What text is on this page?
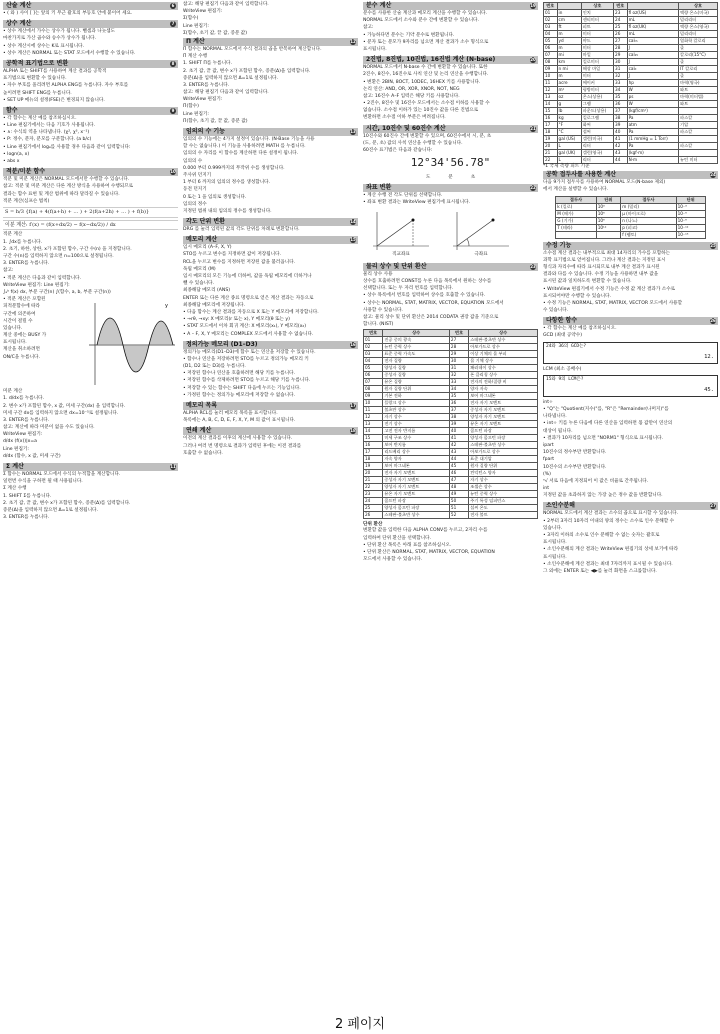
산술 계산	6
• ( 와 ) 사이 [ ]는 앞의 키 무근 괄호의 부등호 안에 붙이어 세요.
상수 계산	7
• 상수 계산에서 가수는 상수가 됩니다. 뺄셈과 나눗셈도
마찬가지로 가산 곱수와 승수가 상수가 됩니다.
• 상수 계산시에 상수는 K로 표시됩니다.
• 상수 계산은 NORMAL 또는 STAT 모드에서 수행할 수 있습니다.
공학적 표기법으로 변환	8
ALPHA 또는 SHIFT를 사용하여 계산 결과를 공학적
표기법으로 변환할 수 있습니다.
• 자수 부호를 올리려면 ALPHA ENG를 누릅니다. 자수 부호를
높이려면 SHIFT ENG를 누릅니다.
• SET UP 메뉴의 설정(FSE)은 변경되지 않습니다.
함수	9
• 각 함수는 계산 예를 참조하십시오.
• Line 편집기에서는 다음 기호가 사용됩니다.
• ∧: 수식의 역을 나타냅니다. (χ², χ³, x⁻¹)
• P: 정수, 분자, 분모를 구분합니다. (a b/c)
• Line 편집기에서 logₐ를 사용할 경우 다음과 같이 입력합니다:
• logn(a, x)
• abs x
적분/미분 함수	10
적분 및 미분 계산은 NORMAL 모드에서만 수행할 수 있습니다.
참고: 적분 및 미분 계산은 다른 계산 방식을 사용하여 수행되므로
결과는 함수 표현 및 계산 범위에 따라 달라질 수 있습니다.
적분 계산(심프슨 법칙)
S = h/3 {f(a) + 4(f(a+h) + … ) + 2(f(a+2h) + … ) + f(b)}
이분 계산: f′(x) = (f(x+dx/2) − f(x−dx/2)) / dx
적분 계산
1. ∫dx를 누릅니다.
2. 초기, 하한, 상한, x가 포함된 함수, 구간 수(n) 을 지정합니다.
구간 수(n)를 입력하지 않으면 n=100으로 설정됩니다.
3. ENTER를 누릅니다.
참고:
• 적분 계산은 다음과 같이 입력합니다.
WriteView 편집기: Line 편집기:
∫ₐᵇ f(x) dx, 부분 구간(n) ∫(함수, a, b, 부분 구간(n))
• 적분 계산은 포함된
피적분함수에 따라
구간에 의존하여
시간이 걸릴 수
있습니다.
계산 중에는 BUSY 가
표시됩니다.
계산을 취소하려면
ON/C을 누릅니다.
y
미분 계산
1. d/dx를 누릅니다.
2. 변수 x가 포함된 함수, x 값, 미세 구간(dx) 을 입력합니다.
미세 구간 dx를 입력하지 않으면 dx=10⁻⁵로 설정됩니다.
3. ENTER를 누릅니다.
참고: 계산에 따라 미분이 없을 수도 있습니다.
WriteView 편집기:
d/dx (f(x))|x=a
Line 편집기:
d/dx (함수, x 값, 미세 구간)
Σ 계산	11
Σ 함수는 NORMAL 모드에서 수식의 누적합을 계산합니다.
일련번 수식을 구하면 될 때 사용됩니다.
Σ 계산 수행
1. SHIFT Σ를 누릅니다.
2. 초기 값, 끝 값, 변수 x가 포함된 함수, 증분(Δ)를 입력합니다.
증분(Δ)을 입력하지 않으면 Δ=1로 설정됩니다.
3. ENTER를 누릅니다.
참고: 해당 편집기 다음과 같이 입력합니다.
WriteView 편집기:
Σ(함수)
Line 편집기:
Σ(함수, 초기 값, 끝 값, 증분 값)
Π 계산	12
Π 함수는 NORMAL 모드에서 수식 결과의 곱을 반복하여 계산합니다.
Π 계산 수행
1. SHIFT Π를 누릅니다.
2. 초기 값, 끝 값, 변수 x가 포함된 함수, 증분(Δ)을 입력합니다.
증분(Δ)을 입력하지 않으면 Δ=1로 설정됩니다.
3. ENTER를 누릅니다.
참고: 해당 편집기 다음과 같이 입력합니다.
WriteView 편집기:
Π(함수)
Line 편집기:
Π(함수, 초기 값, 끝 값, 증분 값)
임의의 수 기능	13
임의의 수 기능에는 4가지 설정이 있습니다. (N-Base 기능을 사용
할 수는 없습니다.) 이 기능을 사용하려면 MATH 를 누릅니다.
임의의 수 자리를 이 함수를 계산하면 다른 설정이 됩니다.
임의의 수
0.000 부터 0.999까지의 무작위 수를 생성합니다.
주사위 던지기
1 부터 6 까지의 임의의 정수를 생성합니다.
동전 던지기
0 또는 1 을 임의로 생성합니다.
임의의 정수
지정된 범위 내의 임의의 정수를 생성합니다.
각도 단위 변환	14
DRG 를 눌러 입력된 값의 각도 단위를 차례로 변환합니다.
메모리 계산	15
임시 메모리 (A–F, X, Y)
STO를 누르고 변수를 지정하면 값이 저장됩니다.
RCL을 누르고 변수를 지정하면 저장된 값을 불러옵니다.
독립 메모리 (M)
임시 메모리의 모든 기능에 더하여, 값을 독립 메모리에 더하거나
뺄 수 있습니다.
최종해답 메모리 (ANS)
ENTER 또는 다른 계산 종료 명령으로 얻은 계산 결과는 자동으로
최종해답 메모리에 저장됩니다.
• 다음 함수는 계산 결과를 자동으로 X 또는 Y 메모리에 저장합니다.
• →rθ, →xy: X 메모리(r 또는 x), Y 메모리(θ 또는 y)
• STAT 모드에서 이차 회귀 계산: X 메모리(x₁), Y 메모리(x₂)
• A – F, X, Y 메모리는 COMPLEX 모드에서 사용할 수 없습니다.
정의가능 메모리 (D1–D3)	16
정의가능 메모리(D1–D3)에 함수 또는 연산을 저장할 수 있습니다.
• 함수나 연산을 저장하려면 STO를 누르고 정의가능 메모리 키
(D1, D2 또는 D3)를 누릅니다.
• 저장된 함수나 연산을 호출하려면 해당 키를 누릅니다.
• 저장된 함수를 삭제하려면 STO를 누르고 해당 키를 누릅니다.
• 저장할 수 있는 함수는 SHIFT 다음에 누르는 기능입니다.
• 가정된 함수는 정의가능 메모리에 저장할 수 없습니다.
메모리 목록	17
ALPHA RCL를 눌러 메모리 목록을 표시합니다.
목록에는 A, B, C, D, E, F, X, Y, M 의 값이 표시됩니다.
연쇄 계산	18
이전의 계산 결과를 이후의 계산에 사용할 수 있습니다.
그러나 여러 번 명령으로 결과가 입력된 후에는 이전 결과를
호출할 수 없습니다.
분수 계산	19
분수를 사용한 산술 계산과 메모리 계산을 수행할 수 있습니다.
NORMAL 모드에서 소수와 분수 간에 변환할 수 있습니다.
참고:
• 가능하다면 분수는 기약 분수로 변환됩니다.
• 분자 또는 분모가 9자리를 넘으면 계산 결과가 소수 형식으로
표시됩니다.
2진법, 8진법, 10진법, 16진법 계산 (N-base)	20
NORMAL 모드에서 N-base 수 간에 변환할 수 있습니다. 또한
2진수, 8진수, 16진수로 사칙 연산 및 논리 연산을 수행합니다.
• 변환은 2BIN, 8OCT, 10DEC, 16HEX 키를 사용합니다.
논리 연산: AND, OR, XOR, XNOR, NOT, NEG
참고: 16진수 A–F 입력은 해당 키를 사용합니다.
• 2진수, 8진수 및 16진수 모드에서는 소수점 이하를 사용할 수
없습니다. 소수점 이하가 있는 10진수 값을 다른 진법으로
변환하면 소수점 이하 부분은 버려집니다.
시간, 10진수 및 60진수 계산	21
10진수와 60진수 간에 변환할 수 있으며, 60진수에서 시, 분, 초
(도, 분, 초) 값의 사칙 연산을 수행할 수 있습니다.
60진수 표기법은 다음과 같습니다:
12°34'56.78"
도	분	초
좌표 변환	22
• 계산 수행 전 각도 단위를 선택합니다.
• 좌표 변환 결과는 WriteView 편집기에 표시됩니다.
직교좌표	극좌표
물리 상수 및 단위 환산	23
물리 상수 사용
상수를 호출하려면 CONST를 누른 다음 목록에서 원하는 상수를
선택합니다. 또는 두 자리 번호를 입력합니다.
• 상수 목록에서 번호를 입력하여 상수를 호출할 수 있습니다.
• 상수는 NORMAL, STAT, MATRIX, VECTOR, EQUATION 모드에서
사용할 수 있습니다.
참고: 물리 상수 및 단위 환산은 2014 CODATA 권장 값을 기준으로
합니다. (NIST)
번호	상수	번호	상수
01	진공 중의 광속	27	스테판-볼츠만 상수
02	뉴턴 중력 상수	28	아보가드로 상수
03	표준 중력 가속도	29	이상 기체의 몰 부피
04	전자 질량	30	몰 기체 상수
05	양성자 질량	31	패러데이 상수
06	중성자 질량	32	폰 클리칭 상수
07	뮤온 질량	33	전자의 전하/질량 비
08	원자 질량 단위	34	양자 자속
09	기본 전하	35	보어 마그네톤
10	플랑크 상수	36	전자 자기 모멘트
11	볼츠만 상수	37	중성자 자기 모멘트
12	자기 상수	38	양성자 자기 모멘트
13	전기 상수	39	뮤온 자기 모멘트
14	고전 전자 반지름	40	콤프턴 파장
15	미세 구조 상수	41	양성자 콤프턴 파장
16	보어 반지름	42	스테판-볼츠만 상수
17	리드베리 상수	43	아보가드로 상수
18	자속 양자	44	표준 대기압
19	보어 마그네톤	45	원자 질량 단위
20	전자 자기 모멘트	46	컨덕턴스 양자
21	중성자 자기 모멘트	47	자기 상수
22	양성자 자기 모멘트	48	조셉슨 상수
23	뮤온 자기 모멘트	49	뉴턴 중력 상수
24	콤프턴 파장	50	주기 특성 임피던스
25	양성자 콤프턴 파장	51	섭씨 온도
26	스테판-볼츠만 상수	52	전자 볼트
단위 환산
변환할 값을 입력한 다음 ALPHA CONV를 누르고, 2자리 수를
입력하여 단위 환산을 선택합니다.
• 단위 환산 목록은 아래 표를 참조하십시오.
• 단위 환산은 NORMAL, STAT, MATRIX, VECTOR, EQUATION
모드에서 사용할 수 있습니다.
번호		상호	번호		상호
01	in	인치	23	fl oz(US)	액량 온스(미국)
02	cm	센티미터	24	mL	밀리리터
03	ft	피트	25	fl oz(UK)	액량 온스(영국)
04	m	미터	26	mL	밀리리터
05	yd	야드	27	calₜₕ	열화학 칼로리
06	m	미터	28	J	줄
07	mi	마일	29	cal₁₅	칼로리(15°C)
08	km	킬로미터	30	J	줄
09	n mi	해상 마일	31	calᵢₜ	IT 칼로리
10	m	미터	32	J	줄
11	acre	에이커	33	hp	마력(영국)
12	m²	평방미터	34	W	와트
13	oz	온스(상용)	35	ps	마력(미터법)
14	g	그램	36	W	와트
15	lb	파운드(상용)	37	(kgf/cm²)	
16	kg	킬로그램	38	Pa	파스칼
17	°F	화씨	39	atm	기압
18	°C	섭씨	40	Pa	파스칼
19	gal (US)	갤런(미국)	41	(1 mmHg = 1 Torr)	
20	L	리터	42	Pa	파스칼
21	gal (UK)	갤런(영국)	43	(kgf·m)	
22	L	리터	44	N·m	뉴턴 미터
*1 국제 측량 피트 기준
공학 접두사를 사용한 계산	24
다음 9가지 접두사를 사용하여 NORMAL 모드(N-base 제외)
에서 계산을 실행할 수 있습니다.
접두사	단위	접두사	단위
k (킬로)	10³	m (밀리)	10⁻³
M (메가)	10⁶	μ (마이크로)	10⁻⁶
G (기가)	10⁹	n (나노)	10⁻⁹
T (테라)	10¹²	p (피코)	10⁻¹²
		f (펨토)	10⁻¹⁵
수정 기능	25
소수점 계산 결과는 내부적으로 최대 14자리의 가수를 포함하는
과학 표기법으로 얻어집니다. 그러나 계산 결과는 지정된 표시
형식과 자리수에 따라 표시되므로 내부 계산 결과가 표시된
결과와 다를 수 있습니다. 수정 기능을 사용하면 내부 값을
표시된 값과 일치하도록 변환할 수 있습니다.
• WriteView 편집기에서 수정 기능은 수정 값 계산 결과가 소수로
표시되어야만 수행할 수 있습니다.
• 수정 기능은 NORMAL, STAT, MATRIX, VECTOR 모드에서 사용할
수 있습니다.
다항한 함수	26
• 각 함수는 계산 예를 참조하십시오.
GCD (최대 공약수)
24와 36의 GCD는?
12.
LCM (최소 공배수)
15와 9의 LCM은?
45.
int÷
• "Q"는 "Quotient(지수)"를, "R"은 "Remainder(나머지)"를
나타냅니다.
• int÷ 키를 누른 다음에 다른 연산을 입력하면 몫 값만이 연산의
대상이 됩니다.
• 결과가 10자리를 넘으면 "NORM1" 형식으로 표시됩니다.
ipart
10진수의 정수부만 반환합니다.
fpart
10진수의 소수부만 반환합니다.
(%)
ⁿ√ 서로 다음에 지정되어 이 값은 비율로 간주됩니다.
int
지정된 값을 초과하지 않는 가장 높은 정수 값을 반환합니다.
소인수분해	27
NORMAL 모드에서 계산 결과는 소수의 곱으로 표시할 수 있습니다.
• 2부터 3자리 10자리 이내의 양의 정수는 소수로 인수 분해할 수
있습니다.
• 3자리 이하의 소수로 인수 분해할 수 없는 숫자는 괄호로
표시됩니다.
• 소인수분해의 계산 결과는 WriteView 편집기의 상세 보기에 따라
표시됩니다.
• 소인수분해에 계산 결과는 최대 7자리까지 표시될 수 있습니다.
그 외에는 ENTER 또는 ◀▶를 눌러 화면을 스크롤합니다.
2 페이지
